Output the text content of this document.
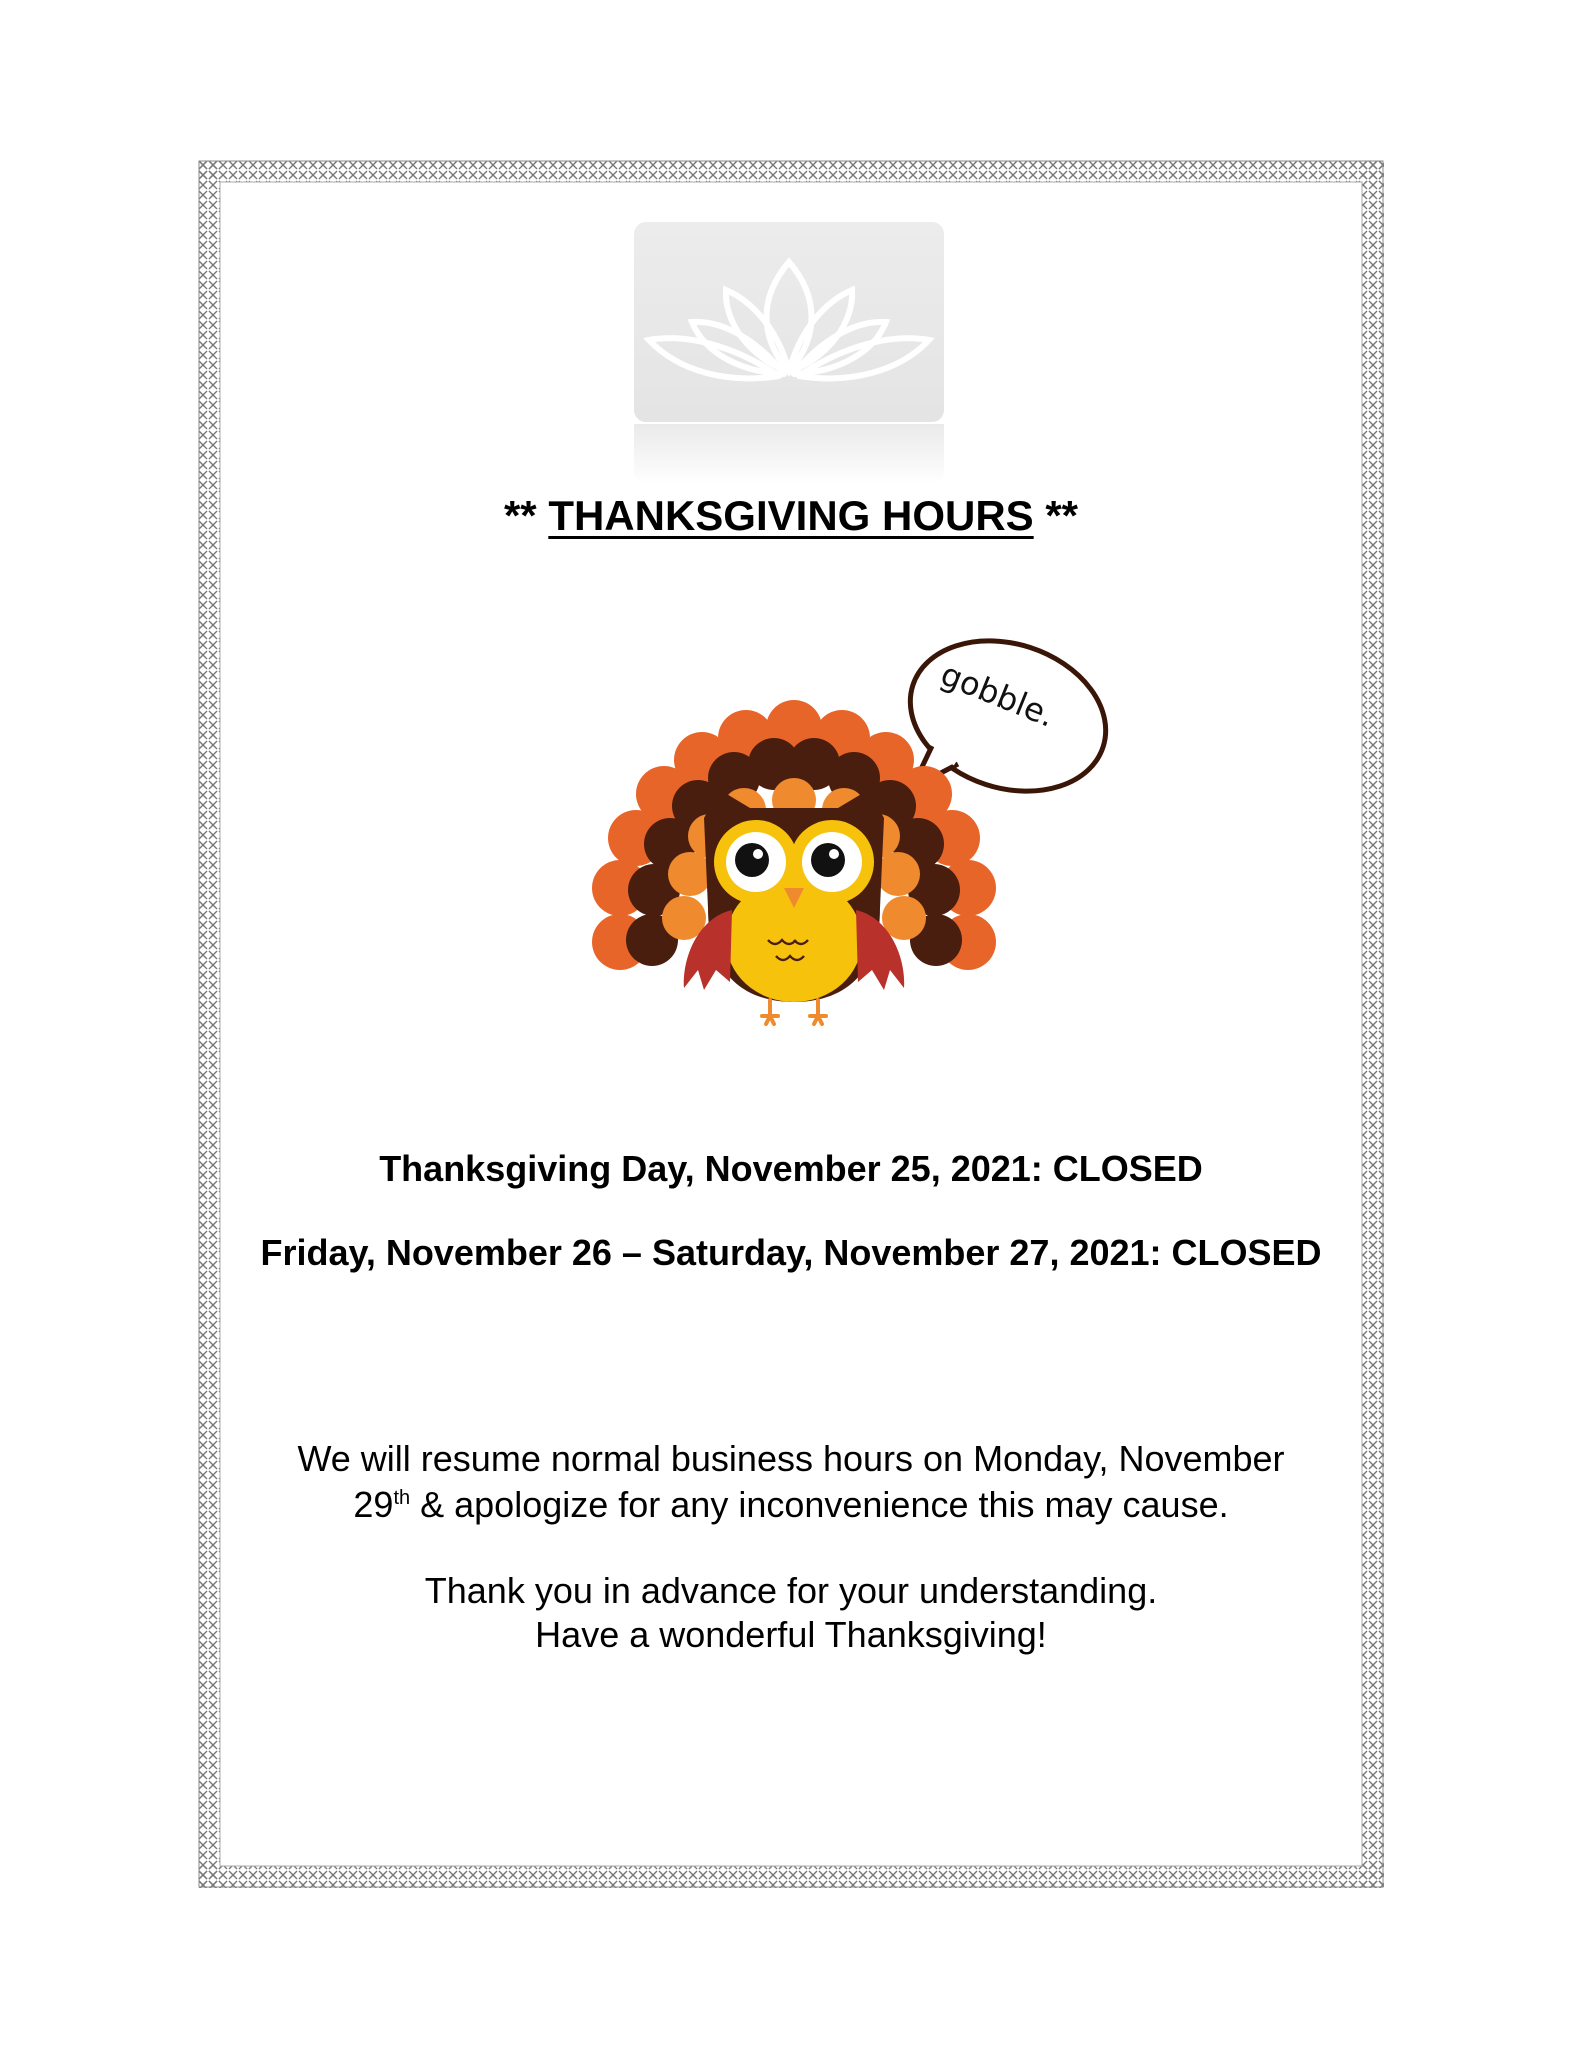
** THANKSGIVING HOURS **
gobble.
Thanksgiving Day, November 25, 2021: CLOSED
Friday, November 26 – Saturday, November 27, 2021: CLOSED
We will resume normal business hours on Monday, November
29th & apologize for any inconvenience this may cause.
Thank you in advance for your understanding.
Have a wonderful Thanksgiving!
